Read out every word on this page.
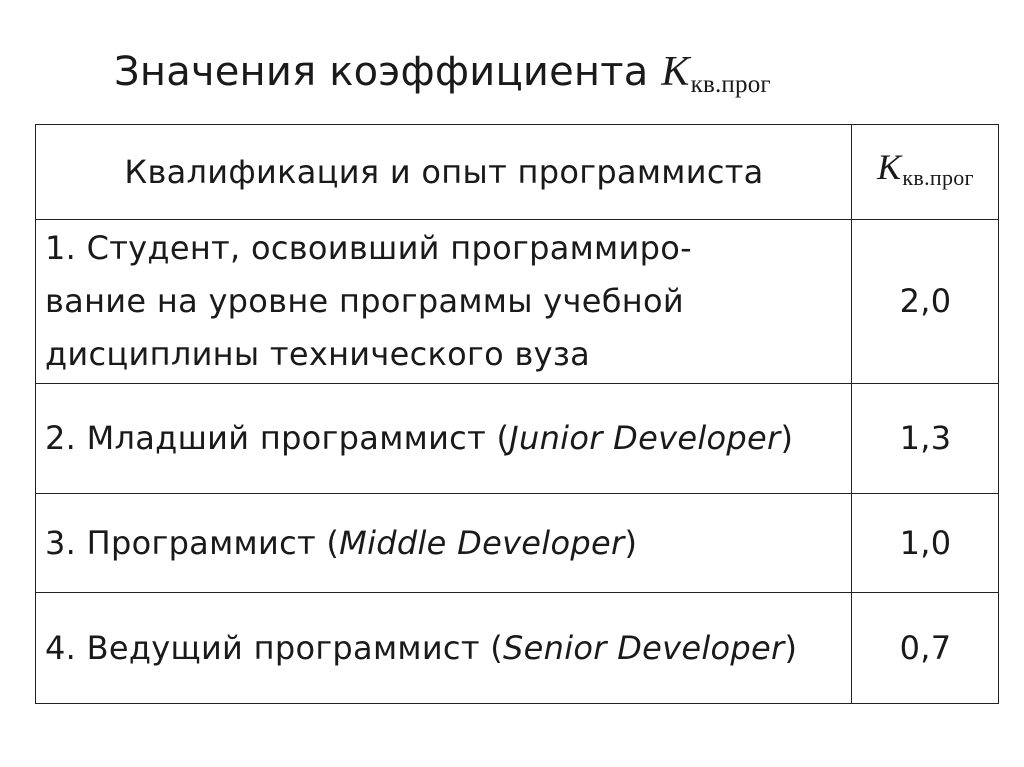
Значения коэффициента Kкв.прог
Квалификация и опыт программиста	Kкв.прог

1. Студент, освоивший программиро-
вание на уровне программы учебной
дисциплины технического вуза	2,0
2. Младший программист (Junior Developer)	1,3
3. Программист (Middle Developer)	1,0
4. Ведущий программист (Senior Developer)	0,7
